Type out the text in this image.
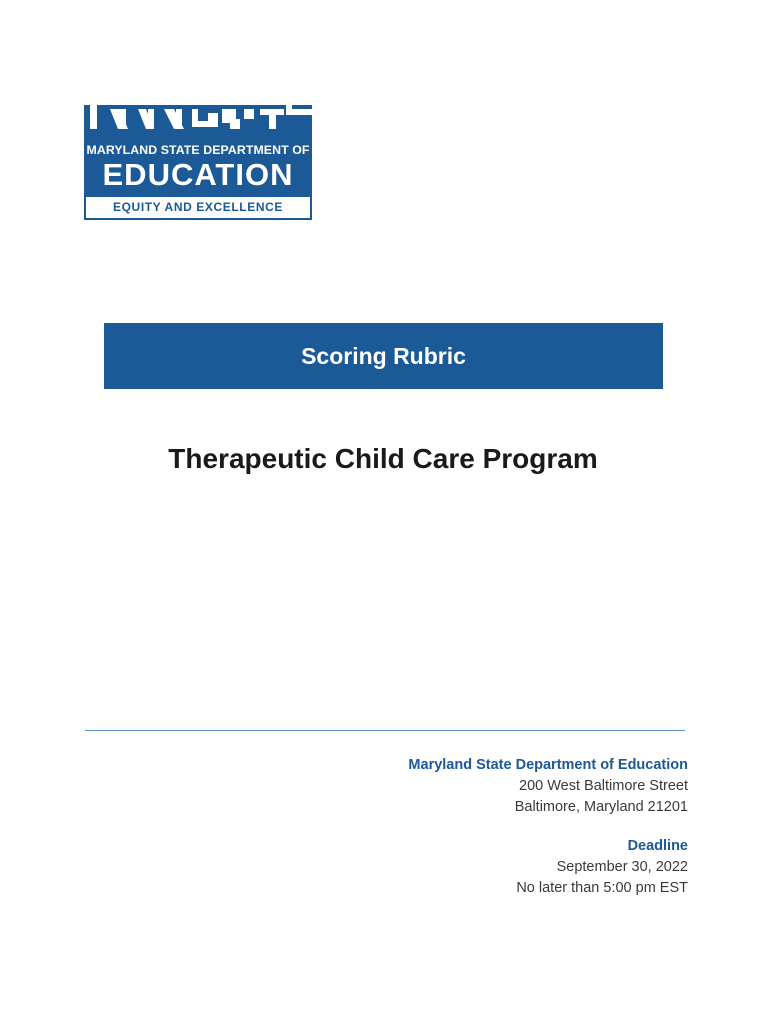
MARYLAND STATE DEPARTMENT OF
EDUCATION
EQUITY AND EXCELLENCE
Scoring Rubric
Therapeutic Child Care Program
Maryland State Department of Education
200 West Baltimore Street
Baltimore, Maryland 21201
Deadline
September 30, 2022
No later than 5:00 pm EST
